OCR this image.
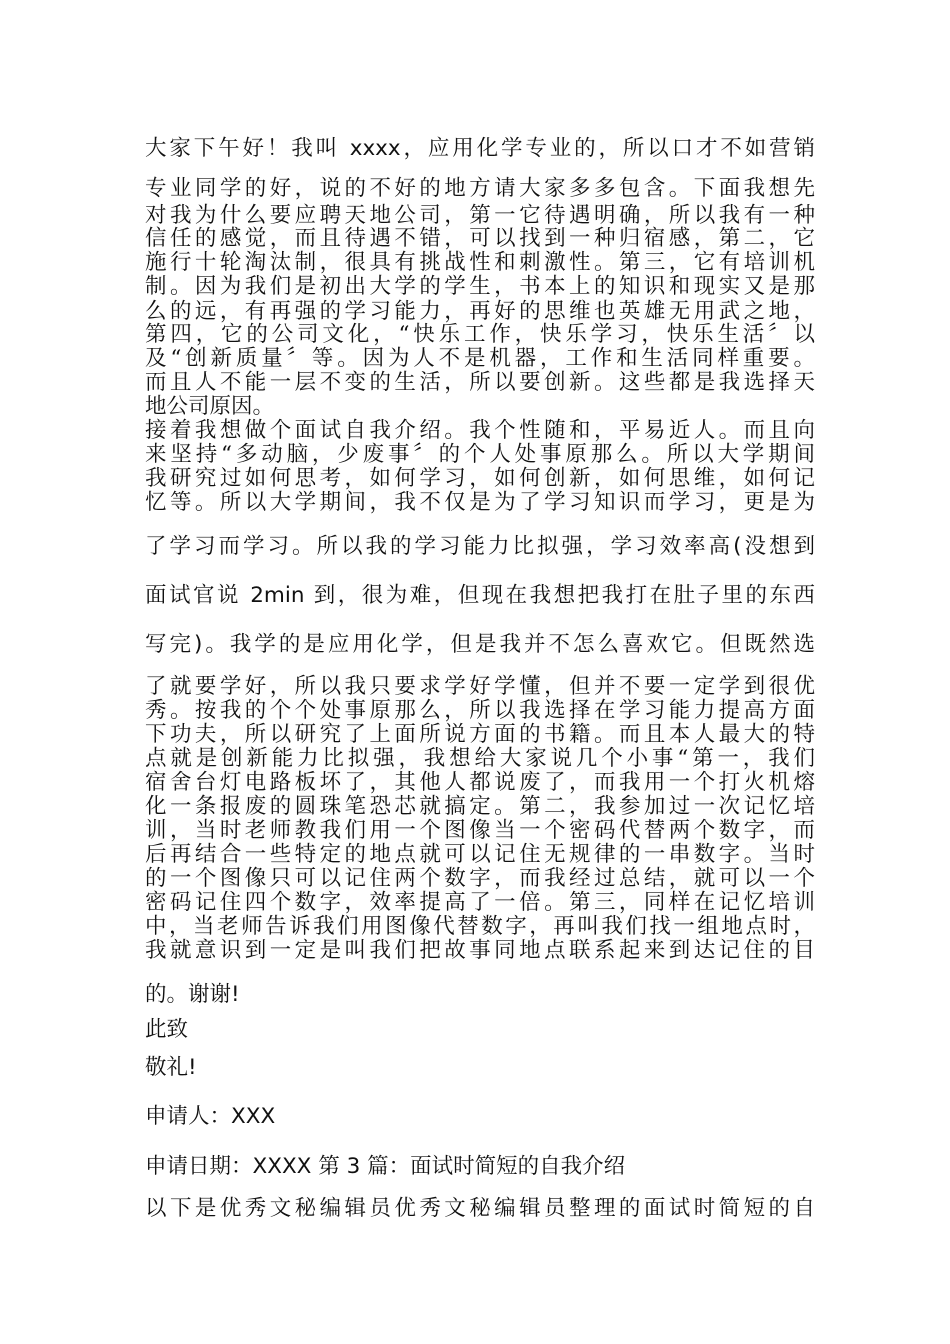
大家下午好！我叫 xxxx，应用化学专业的，所以口才不如营销

专业同学的好，说的不好的地方请大家多多包含。下面我想先

对我为什么要应聘天地公司，第一它待遇明确，所以我有一种

信任的感觉，而且待遇不错，可以找到一种归宿感，第二，它

施行十轮淘汰制，很具有挑战性和刺激性。第三，它有培训机

制。因为我们是初出大学的学生，书本上的知识和现实又是那

么的远，有再强的学习能力，再好的思维也英雄无用武之地，

第四，它的公司文化，“快乐工作，快乐学习，快乐生活〞以

及“创新质量〞等。因为人不是机器，工作和生活同样重要。

而且人不能一层不变的生活，所以要创新。这些都是我选择天

地公司原因。

接着我想做个面试自我介绍。我个性随和，平易近人。而且向

来坚持“多动脑，少废事〞的个人处事原那么。所以大学期间

我研究过如何思考，如何学习，如何创新，如何思维，如何记

忆等。所以大学期间，我不仅是为了学习知识而学习，更是为

了学习而学习。所以我的学习能力比拟强，学习效率高(没想到

面试官说 2min 到，很为难，但现在我想把我打在肚子里的东西

写完)。我学的是应用化学，但是我并不怎么喜欢它。但既然选

了就要学好，所以我只要求学好学懂，但并不要一定学到很优

秀。按我的个个处事原那么，所以我选择在学习能力提高方面

下功夫，所以研究了上面所说方面的书籍。而且本人最大的特

点就是创新能力比拟强，我想给大家说几个小事“第一，我们

宿舍台灯电路板坏了，其他人都说废了，而我用一个打火机熔

化一条报废的圆珠笔恐芯就搞定。第二，我参加过一次记忆培

训，当时老师教我们用一个图像当一个密码代替两个数字，而

后再结合一些特定的地点就可以记住无规律的一串数字。当时

的一个图像只可以记住两个数字，而我经过总结，就可以一个

密码记住四个数字，效率提高了一倍。第三，同样在记忆培训

中，当老师告诉我们用图像代替数字，再叫我们找一组地点时，

我就意识到一定是叫我们把故事同地点联系起来到达记住的目

的。谢谢!

此致

敬礼!

申请人：XXX

申请日期：XXXX 第 3 篇：面试时简短的自我介绍

以下是优秀文秘编辑员优秀文秘编辑员整理的面试时简短的自
